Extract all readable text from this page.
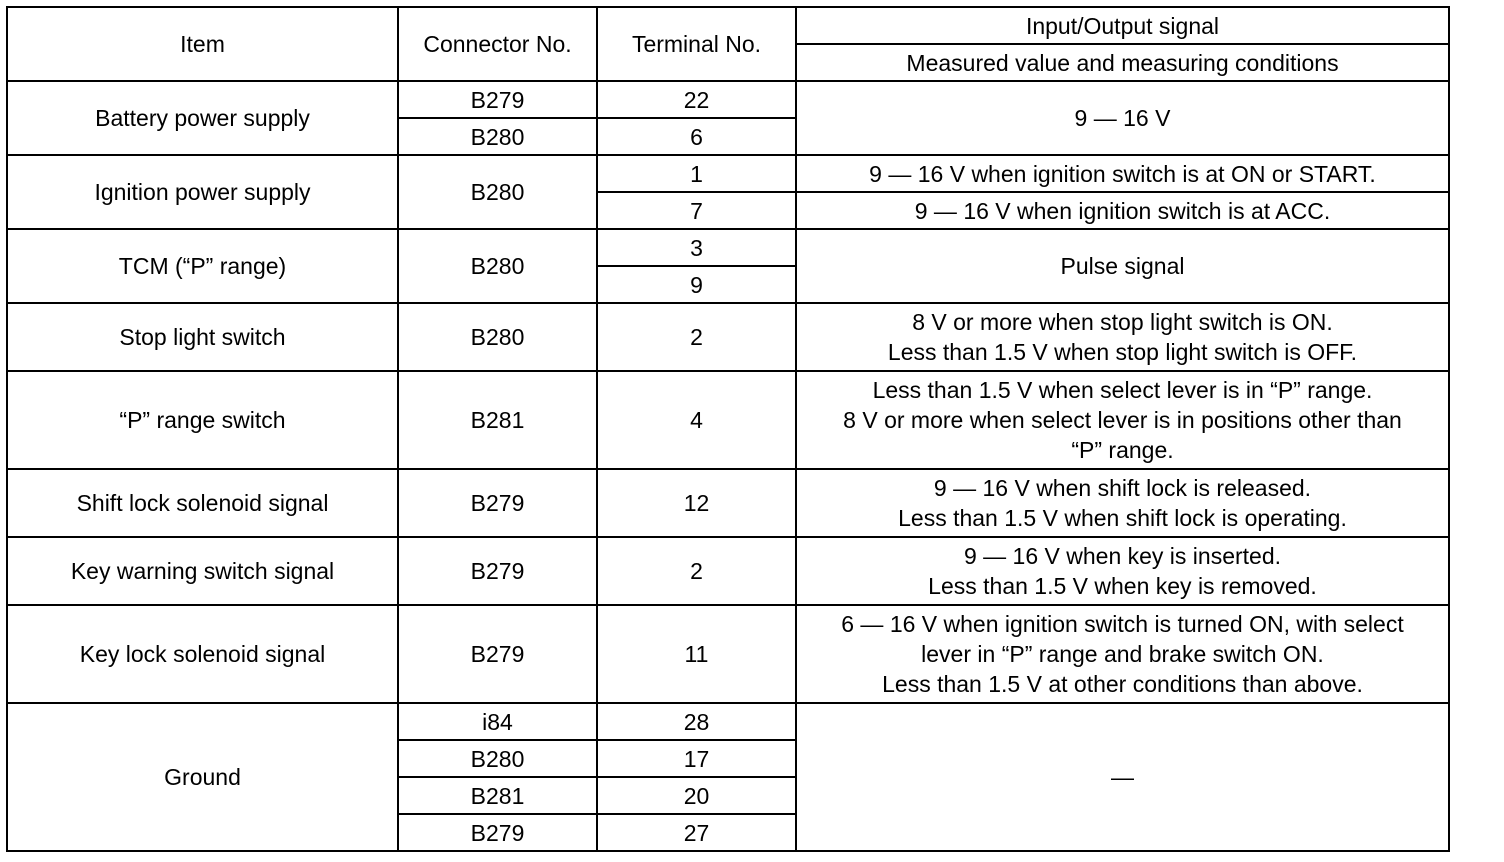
Item	Connector No.	Terminal No.	Input/Output signal
			Measured value and measuring conditions
Battery power supply	B279	22	9 — 16 V
	B280	6	
Ignition power supply	B280	1	9 — 16 V when ignition switch is at ON or START.
		7	9 — 16 V when ignition switch is at ACC.
TCM (“P” range)	B280	3	Pulse signal
		9	
Stop light switch	B280	2	8 V or more when stop light switch is ON.
Less than 1.5 V when stop light switch is OFF.

“P” range switch	B281	4	Less than 1.5 V when select lever is in “P” range.
8 V or more when select lever is in positions other than
“P” range.

Shift lock solenoid signal	B279	12	9 — 16 V when shift lock is released.
Less than 1.5 V when shift lock is operating.

Key warning switch signal	B279	2	9 — 16 V when key is inserted.
Less than 1.5 V when key is removed.

Key lock solenoid signal	B279	11	6 — 16 V when ignition switch is turned ON, with select
lever in “P” range and brake switch ON.
Less than 1.5 V at other conditions than above.

Ground	i84	28	—
	B280	17	
	B281	20	
	B279	27	
